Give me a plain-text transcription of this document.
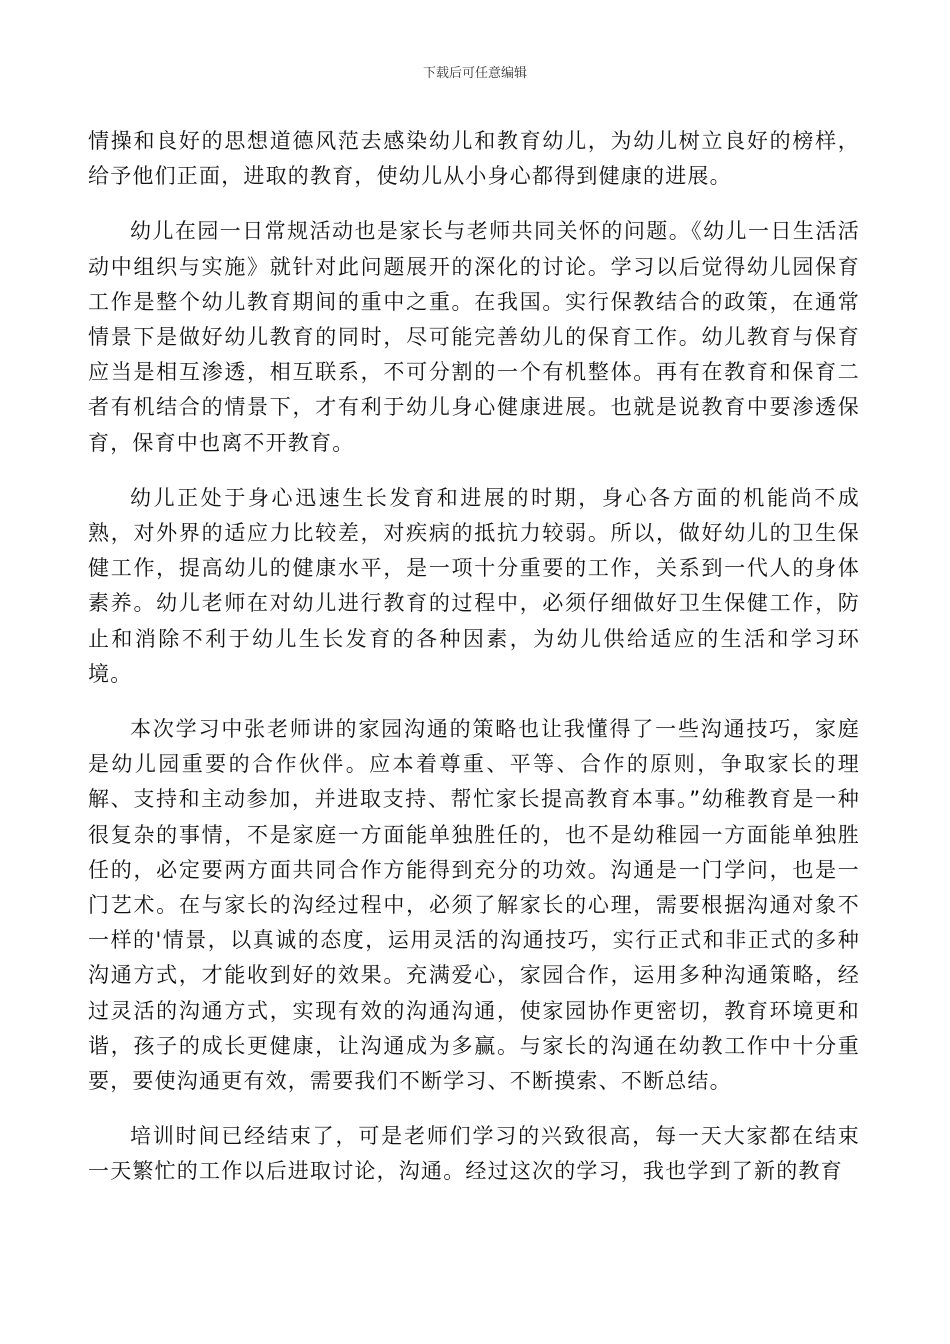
下载后可任意编辑

情操和良好的思想道德风范去感染幼儿和教育幼儿，为幼儿树立良好的榜样，给予他们正面，进取的教育，使幼儿从小身心都得到健康的进展。

幼儿在园一日常规活动也是家长与老师共同关怀的问题。《幼儿一日生活活动中组织与实施》就针对此问题展开的深化的讨论。学习以后觉得幼儿园保育工作是整个幼儿教育期间的重中之重。在我国。实行保教结合的政策，在通常情景下是做好幼儿教育的同时，尽可能完善幼儿的保育工作。幼儿教育与保育应当是相互渗透，相互联系，不可分割的一个有机整体。再有在教育和保育二者有机结合的情景下，才有利于幼儿身心健康进展。也就是说教育中要渗透保育，保育中也离不开教育。

幼儿正处于身心迅速生长发育和进展的时期，身心各方面的机能尚不成熟，对外界的适应力比较差，对疾病的抵抗力较弱。所以，做好幼儿的卫生保健工作，提高幼儿的健康水平，是一项十分重要的工作，关系到一代人的身体素养。幼儿老师在对幼儿进行教育的过程中，必须仔细做好卫生保健工作，防止和消除不利于幼儿生长发育的各种因素，为幼儿供给适应的生活和学习环境。

本次学习中张老师讲的家园沟通的策略也让我懂得了一些沟通技巧，家庭是幼儿园重要的合作伙伴。应本着尊重、平等、合作的原则，争取家长的理解、支持和主动参加，并进取支持、帮忙家长提高教育本事。”幼稚教育是一种很复杂的事情，不是家庭一方面能单独胜任的，也不是幼稚园一方面能单独胜任的，必定要两方面共同合作方能得到充分的功效。沟通是一门学问，也是一门艺术。在与家长的沟经过程中，必须了解家长的心理，需要根据沟通对象不一样的'情景，以真诚的态度，运用灵活的沟通技巧，实行正式和非正式的多种沟通方式，才能收到好的效果。充满爱心，家园合作，运用多种沟通策略，经过灵活的沟通方式，实现有效的沟通沟通，使家园协作更密切，教育环境更和谐，孩子的成长更健康，让沟通成为多赢。与家长的沟通在幼教工作中十分重要，要使沟通更有效，需要我们不断学习、不断摸索、不断总结。

培训时间已经结束了，可是老师们学习的兴致很高，每一天大家都在结束一天繁忙的工作以后进取讨论，沟通。经过这次的学习，我也学到了新的教育
